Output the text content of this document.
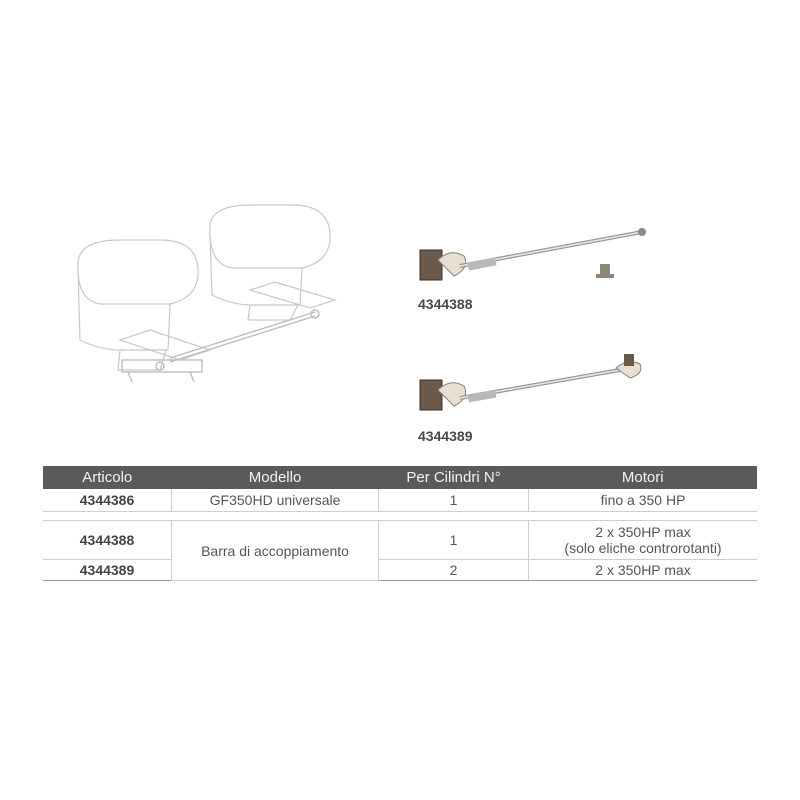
4344388
4344389
Articolo	Modello	Per Cilindri N°	Motori
4344386	GF350HD universale	1	fino a 350 HP

4344388	Barra di accoppiamento	1	2 x 350HP max
(solo eliche controrotanti)

4344389		2	2 x 350HP max
